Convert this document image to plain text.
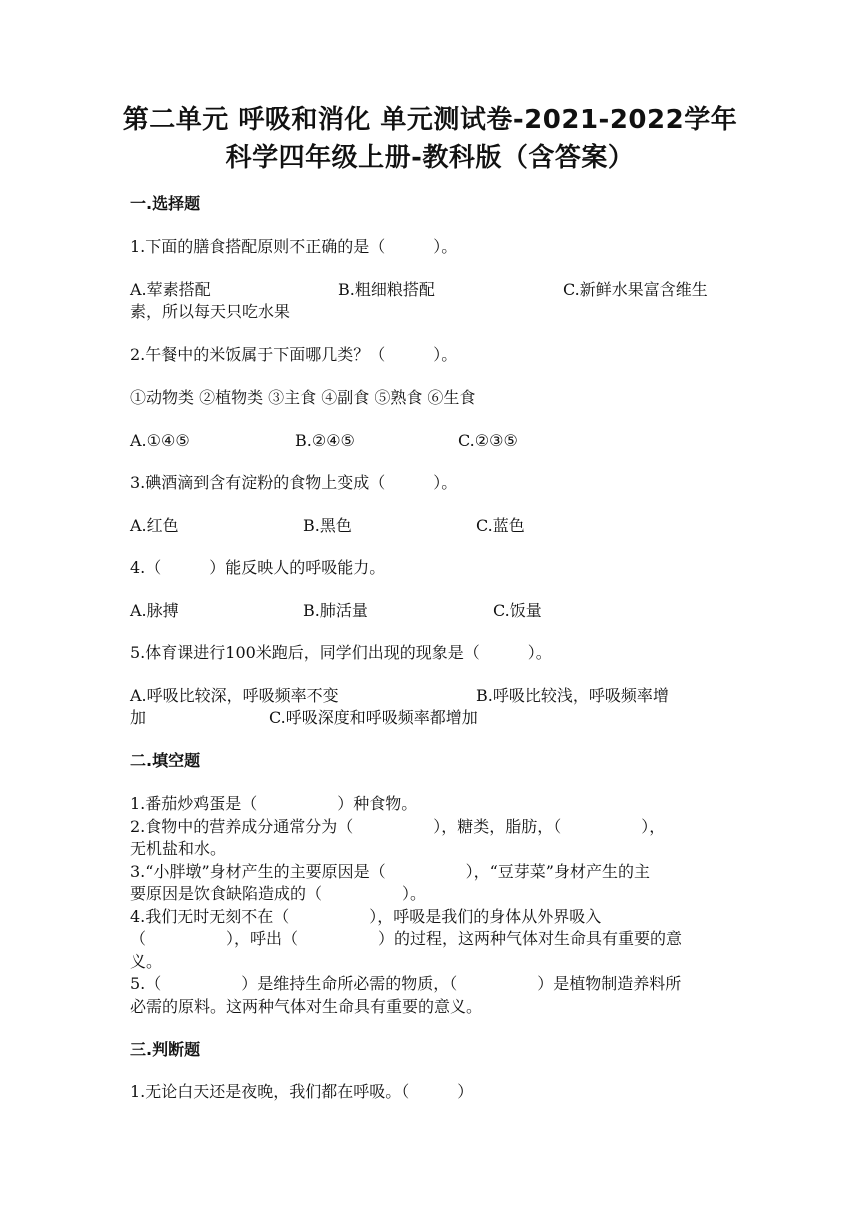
第二单元 呼吸和消化 单元测试卷-2021-2022学年
科学四年级上册-教科版（含答案）
一.选择题
1.下面的膳食搭配原则不正确的是（　　　）。
A.荤素搭配	B.粗细粮搭配	C.新鲜水果富含维生
素，所以每天只吃水果
2.午餐中的米饭属于下面哪几类？（　　　）。
①动物类 ②植物类 ③主食 ④副食 ⑤熟食 ⑥生食
A.①④⑤	B.②④⑤	C.②③⑤
3.碘酒滴到含有淀粉的食物上变成（　　　）。
A.红色	B.黑色	C.蓝色
4.（　　　）能反映人的呼吸能力。
A.脉搏	B.肺活量	C.饭量
5.体育课进行100米跑后，同学们出现的现象是（　　　）。
A.呼吸比较深，呼吸频率不变	B.呼吸比较浅，呼吸频率增
加	C.呼吸深度和呼吸频率都增加
二.填空题
1.番茄炒鸡蛋是（　　　　　）种食物。
2.食物中的营养成分通常分为（　　　　　），糖类，脂肪，（　　　　　），
无机盐和水。
3.“小胖墩”身材产生的主要原因是（　　　　　），“豆芽菜”身材产生的主
要原因是饮食缺陷造成的（　　　　　）。
4.我们无时无刻不在（　　　　　），呼吸是我们的身体从外界吸入
（　　　　　），呼出（　　　　　）的过程，这两种气体对生命具有重要的意
义。
5.（　　　　　）是维持生命所必需的物质，（　　　　　）是植物制造养料所
必需的原料。这两种气体对生命具有重要的意义。
三.判断题
1.无论白天还是夜晚，我们都在呼吸。（　　　）
